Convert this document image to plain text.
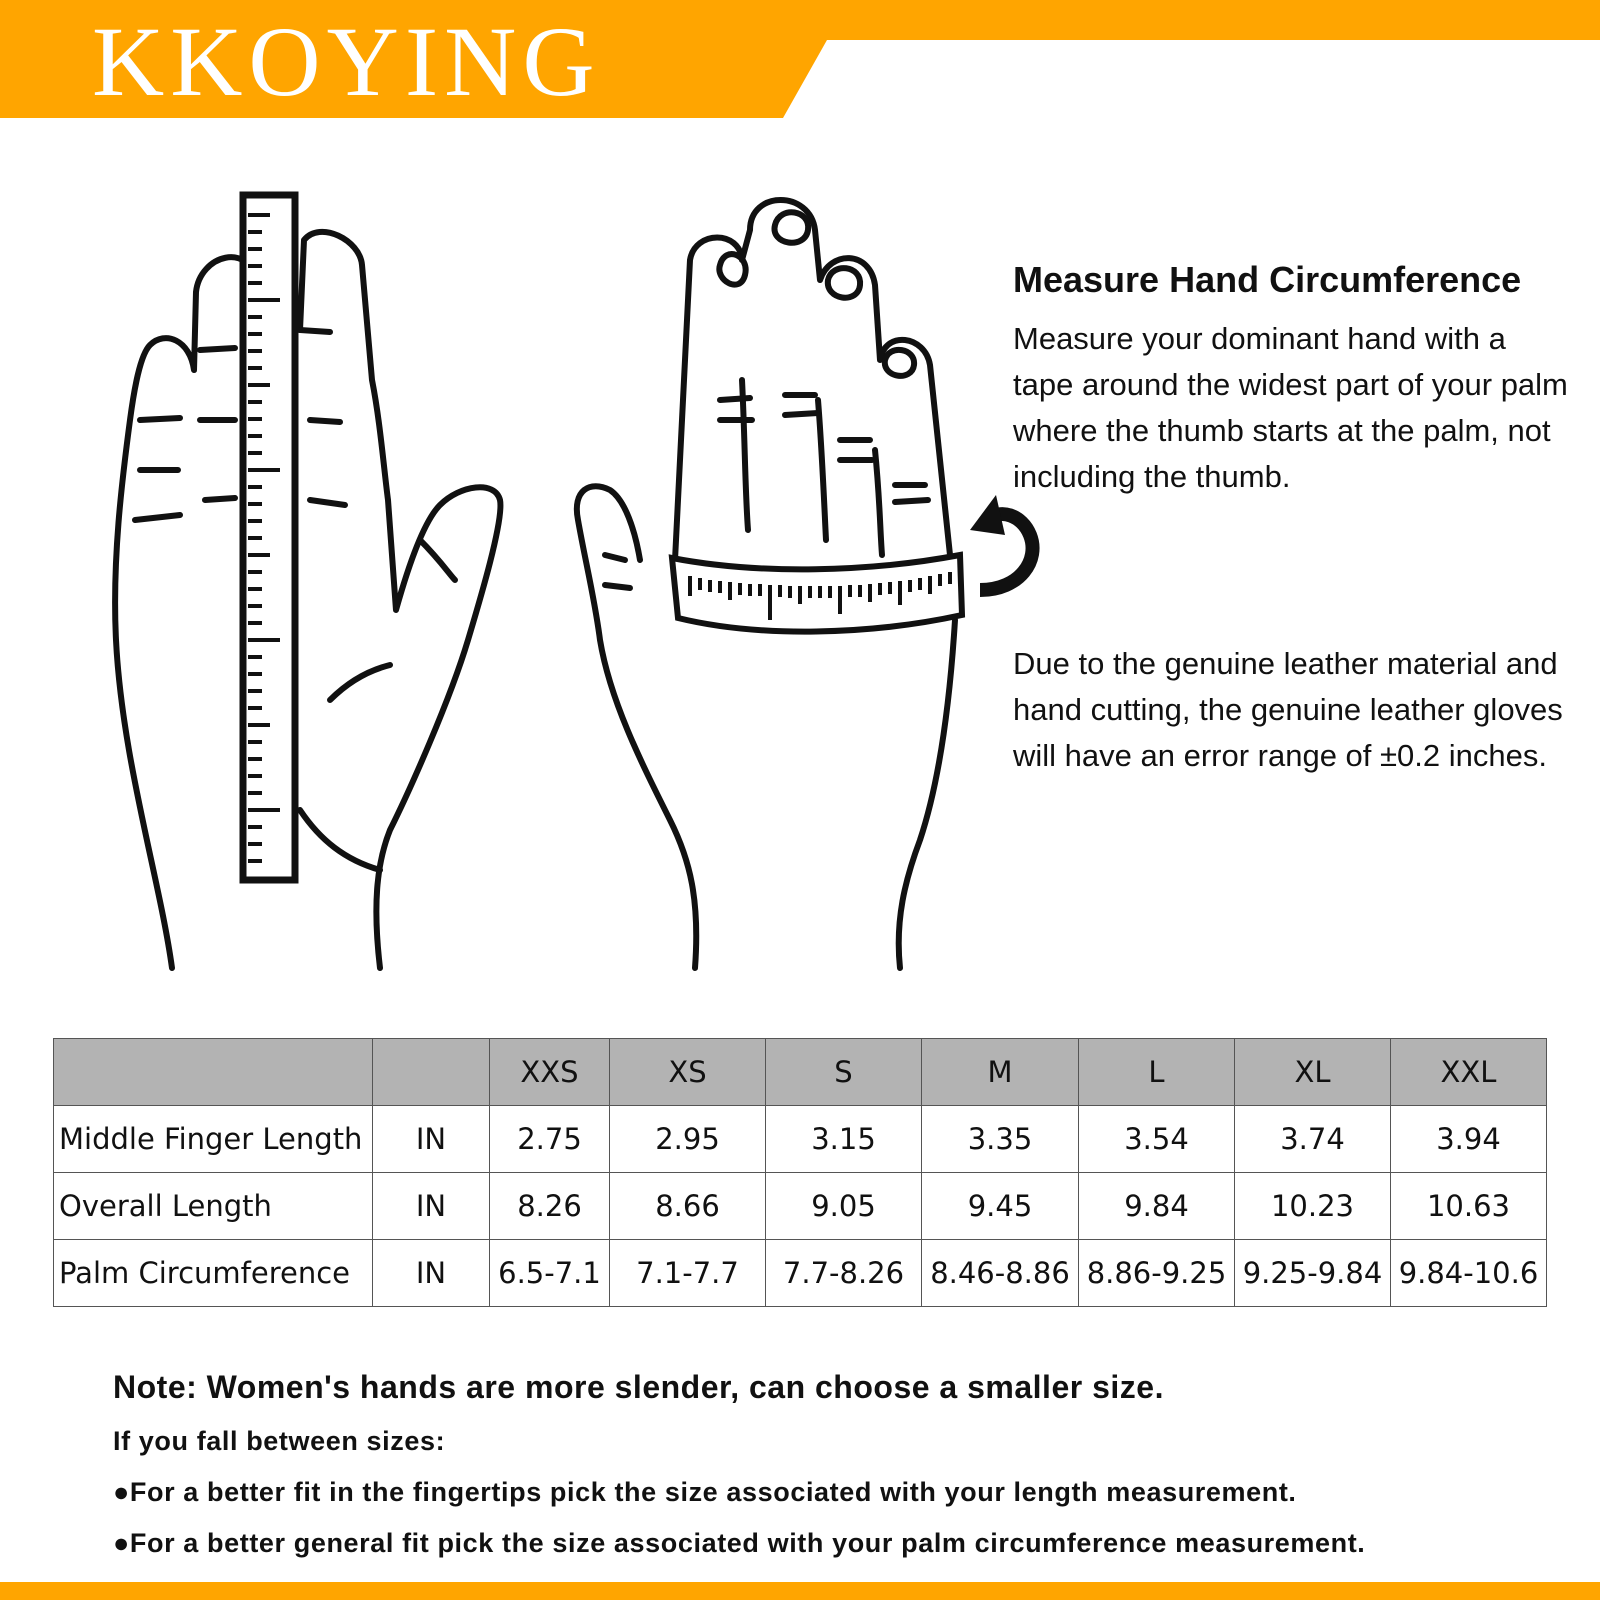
KKOYING
Measure Hand Circumference
Measure your dominant hand with a tape around the widest part of your palm where the thumb starts at the palm, not including the thumb.
Due to the genuine leather material and hand cutting, the genuine leather gloves will have an error range of ±0.2 inches.
		XXS	XS	S	M	L	XL	XXL
Middle Finger Length	IN	2.75	2.95	3.15	3.35	3.54	3.74	3.94
Overall Length	IN	8.26	8.66	9.05	9.45	9.84	10.23	10.63
Palm Circumference	IN	6.5-7.1	7.1-7.7	7.7-8.26	8.46-8.86	8.86-9.25	9.25-9.84	9.84-10.6
Note: Women's hands are more slender, can choose a smaller size.
If you fall between sizes:
●For a better fit in the fingertips pick the size associated with your length measurement.
●For a better general fit pick the size associated with your palm circumference measurement.
